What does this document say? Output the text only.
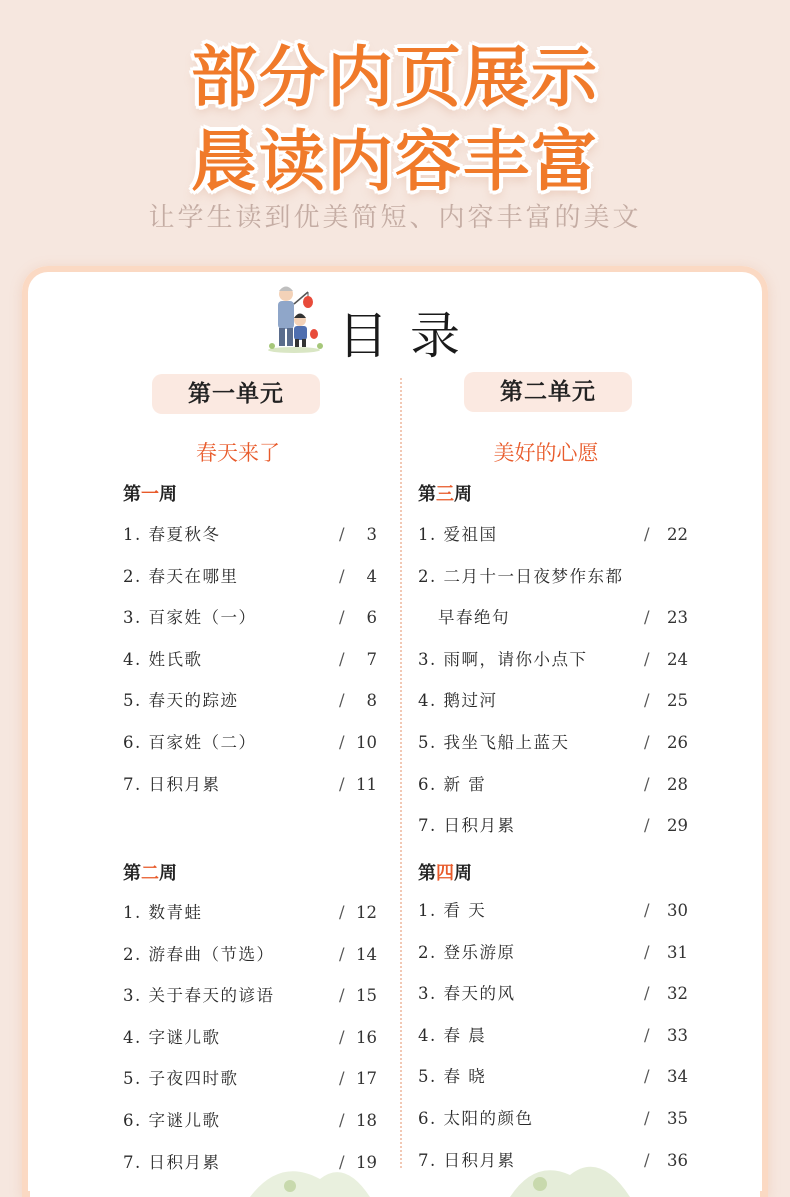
部分内页展示
晨读内容丰富
让学生读到优美简短、内容丰富的美文
目录
第一单元
春天来了
第一周
1. 春夏秋冬	/	3
2. 春天在哪里	/	4
3. 百家姓（一）	/	6
4. 姓氏歌	/	7
5. 春天的踪迹	/	8
6. 百家姓（二）	/ 10
7. 日积月累	/ 11
第二周
1. 数青蛙	/ 12
2. 游春曲（节选）	/ 14
3. 关于春天的谚语	/ 15
4. 字谜儿歌	/ 16
5. 子夜四时歌	/ 17
6. 字谜儿歌	/ 18
7. 日积月累	/ 19
第二单元
美好的心愿
第三周
1. 爱祖国	/ 22
2. 二月十一日夜梦作东都
早春绝句	/ 23
3. 雨啊，请你小点下	/ 24
4. 鹅过河	/ 25
5. 我坐飞船上蓝天	/ 26
6. 新 雷	/ 28
7. 日积月累	/ 29
第四周
1. 看 天	/ 30
2. 登乐游原	/ 31
3. 春天的风	/ 32
4. 春 晨	/ 33
5. 春 晓	/ 34
6. 太阳的颜色	/ 35
7. 日积月累	/ 36
